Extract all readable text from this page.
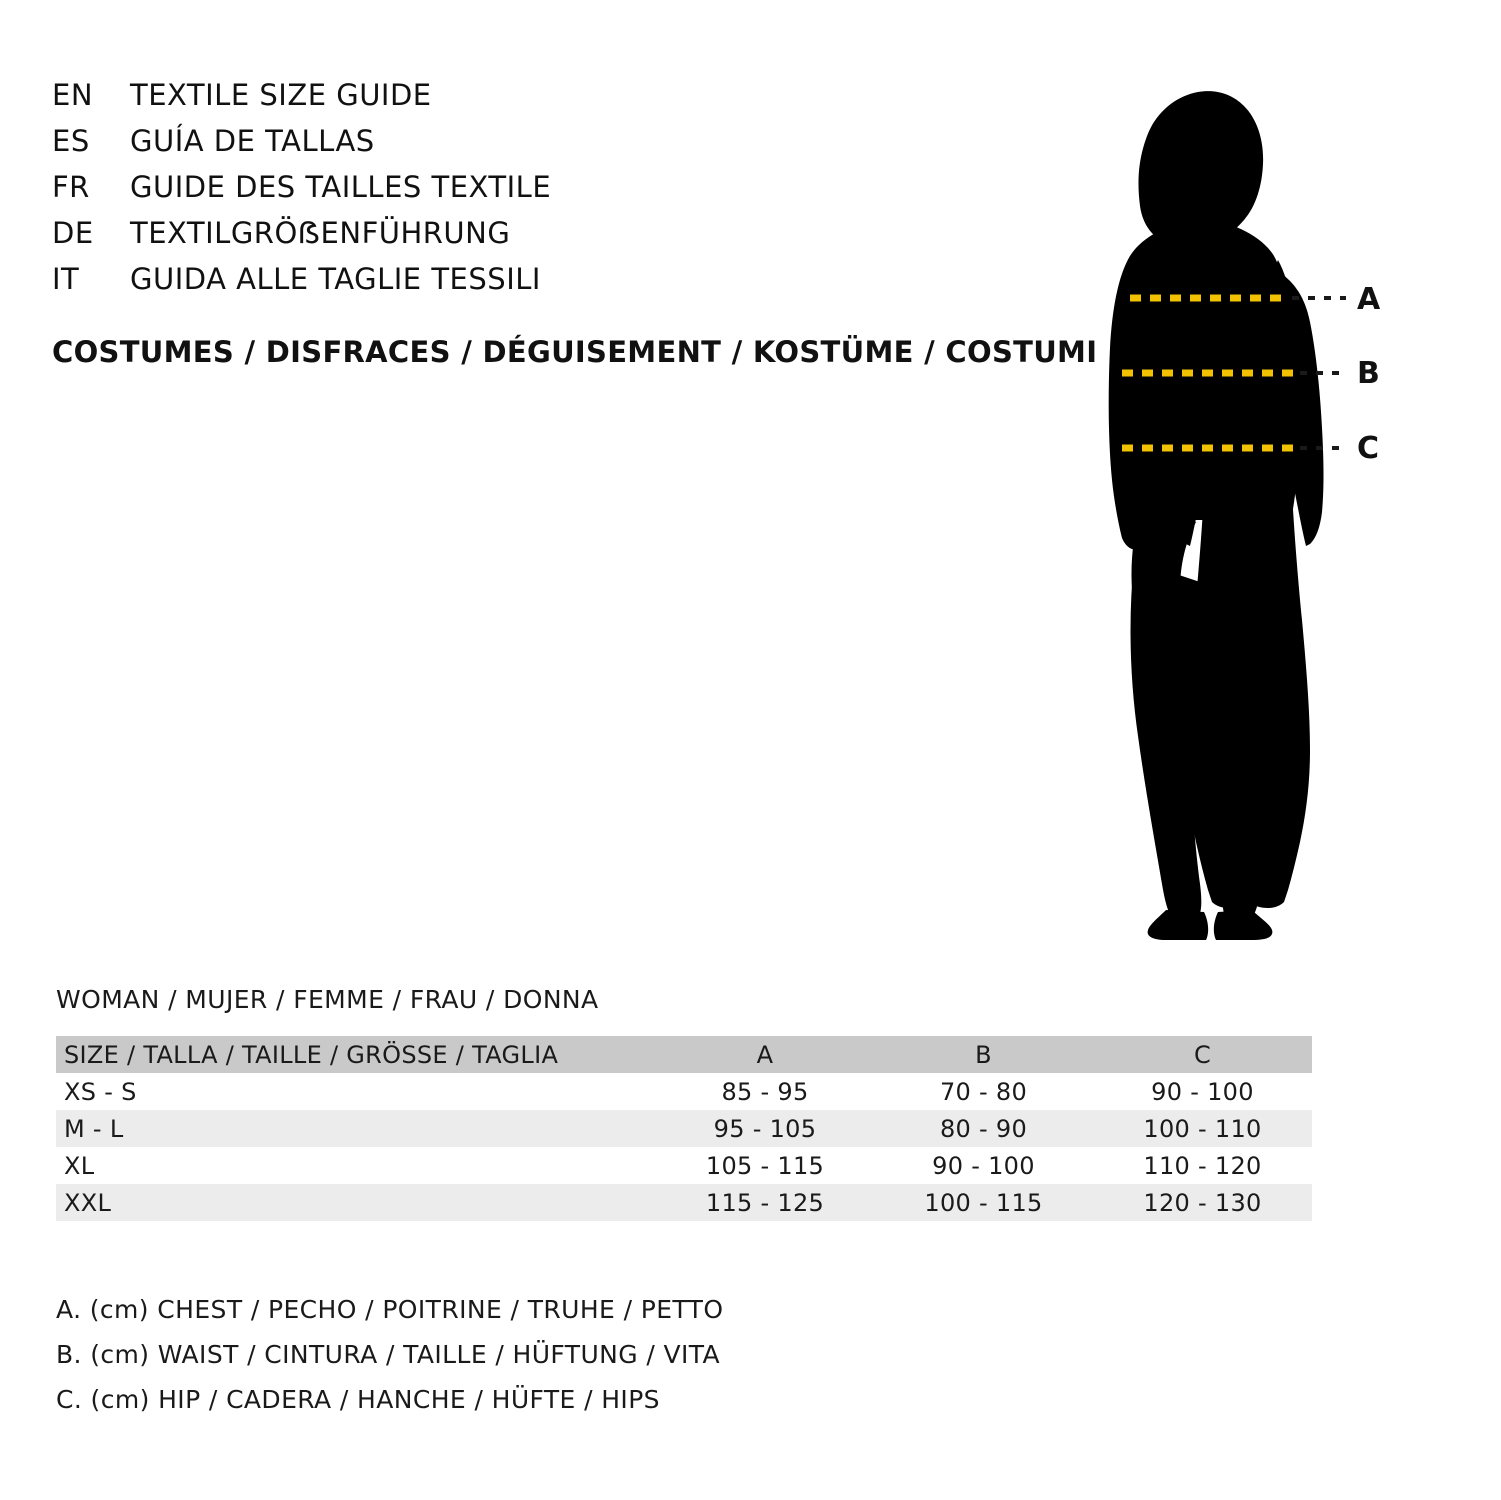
EN	TEXTILE SIZE GUIDE
ES	GUÍA DE TALLAS
FR	GUIDE DES TAILLES TEXTILE
DE	TEXTILGRÖẞENFÜHRUNG
IT	GUIDA ALLE TAGLIE TESSILI
COSTUMES / DISFRACES / DÉGUISEMENT / KOSTÜME / COSTUMI
A
B
C
WOMAN / MUJER / FEMME / FRAU / DONNA
SIZE / TALLA / TAILLE / GRÖSSE / TAGLIA	A	B	C
XS - S	85 - 95	70 - 80	90 - 100
M - L	95 - 105	80 - 90	100 - 110
XL	105 - 115	90 - 100	110 - 120
XXL	115 - 125	100 - 115	120 - 130
A. (cm) CHEST / PECHO / POITRINE / TRUHE / PETTO
B. (cm) WAIST / CINTURA / TAILLE / HÜFTUNG / VITA
C. (cm) HIP / CADERA / HANCHE / HÜFTE / HIPS
